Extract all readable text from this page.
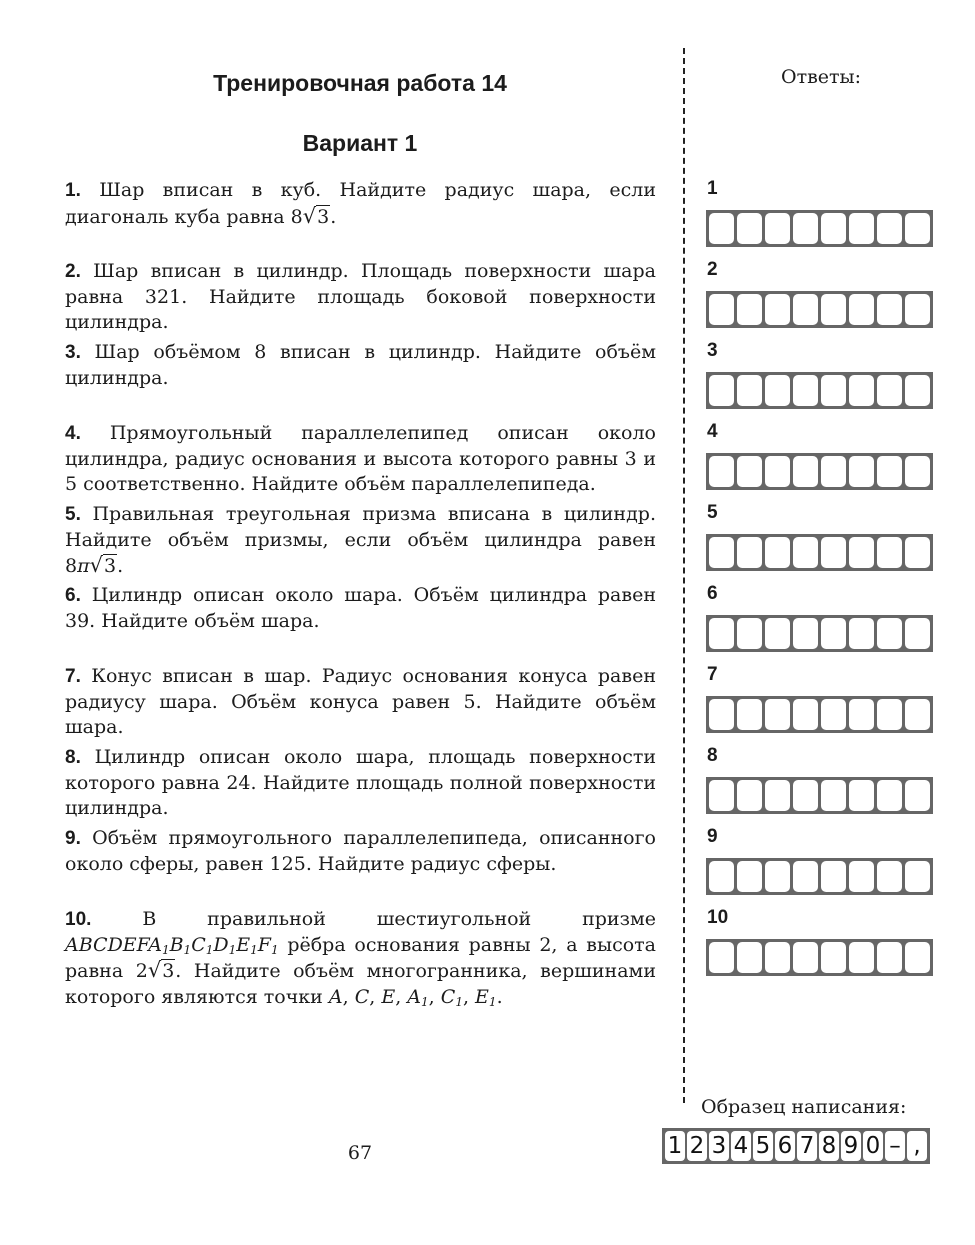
Тренировочная работа 14
Вариант 1

1. Шар вписан в куб. Найдите радиус шара, если диагональ куба равна 8√3.

2. Шар вписан в цилиндр. Площадь поверхности шара равна 321. Найдите площадь боковой поверхности цилиндра.

3. Шар объёмом 8 вписан в цилиндр. Найдите объём цилиндра.

4. Прямоугольный параллелепипед описан около цилиндра, радиус основания и высота которого равны 3 и 5 соответственно. Найдите объём параллелепипеда.

5. Правильная треугольная призма вписана в цилиндр. Найдите объём призмы, если объём цилиндра равен 8π√3.

6. Цилиндр описан около шара. Объём цилиндра равен 39. Найдите объём шара.

7. Конус вписан в шар. Радиус основания конуса равен радиусу шара. Объём конуса равен 5. Найдите объём шара.

8. Цилиндр описан около шара, площадь поверхности которого равна 24. Найдите площадь полной поверхности цилиндра.

9. Объём прямоугольного параллелепипеда, описанного около сферы, равен 125. Найдите радиус сферы.

10.	В правильной шестиугольной призме $ABCDEFA_1B_1C_1D_1E_1F_1$ рёбра основания равны 2, а высота равна 2√3. Найдите объём многогранника, вершинами которого являются точки A, C, E, $A_1$, $C_1$, $E_1$.

Ответы:

1

2

3

4

5

6

7

8

9

10

Образец написания:

1 2 3 4 5 6 7 8 9 0 – ,

67
